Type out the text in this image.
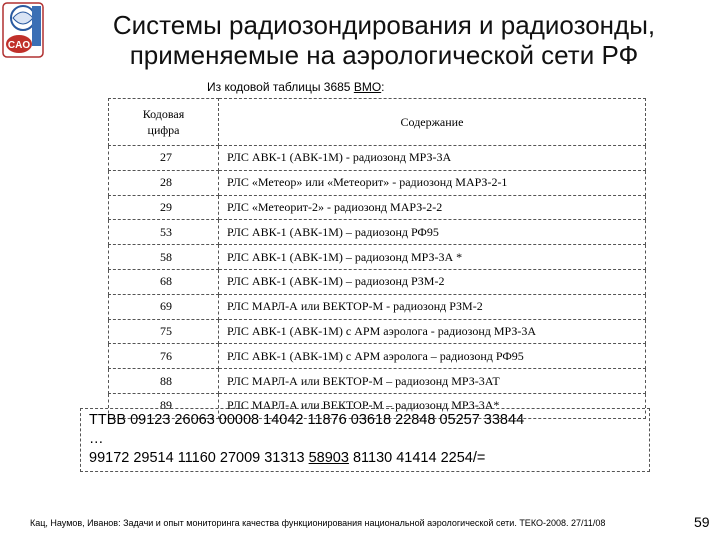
CAO
Системы радиозондирования и радиозонды,
применяемые на аэрологической сети РФ
Из кодовой таблицы 3685 ВМО:
Кодовая
цифра	Содержание
27	РЛС АВК-1 (АВК-1М) - радиозонд МРЗ-3А
28	РЛС «Метеор» или «Метеорит» - радиозонд МАРЗ-2-1
29	РЛС «Метеорит-2» - радиозонд МАРЗ-2-2
53	РЛС АВК-1 (АВК-1М) – радиозонд РФ95
58	РЛС АВК-1 (АВК-1М) – радиозонд МРЗ-3А *
68	РЛС АВК-1 (АВК-1М) – радиозонд РЗМ-2
69	РЛС МАРЛ-А или ВЕКТОР-М - радиозонд РЗМ-2
75	РЛС АВК-1 (АВК-1М) с АРМ аэролога - радиозонд МРЗ-3А
76	РЛС АВК-1 (АВК-1М) с АРМ аэролога – радиозонд РФ95
88	РЛС МАРЛ-А или ВЕКТОР-М – радиозонд МРЗ-3АТ
89	РЛС МАРЛ-А или ВЕКТОР-М – радиозонд МРЗ-3А*
TTBB 09123 26063 00008 14042 11876 03618 22848 05257 33844
…
99172 29514 11160 27009 31313 58903 81130 41414 2254/=
Кац, Наумов, Иванов: Задачи и опыт мониторинга качества функционирования национальной аэрологической сети. ТЕКО-2008. 27/11/08	59
